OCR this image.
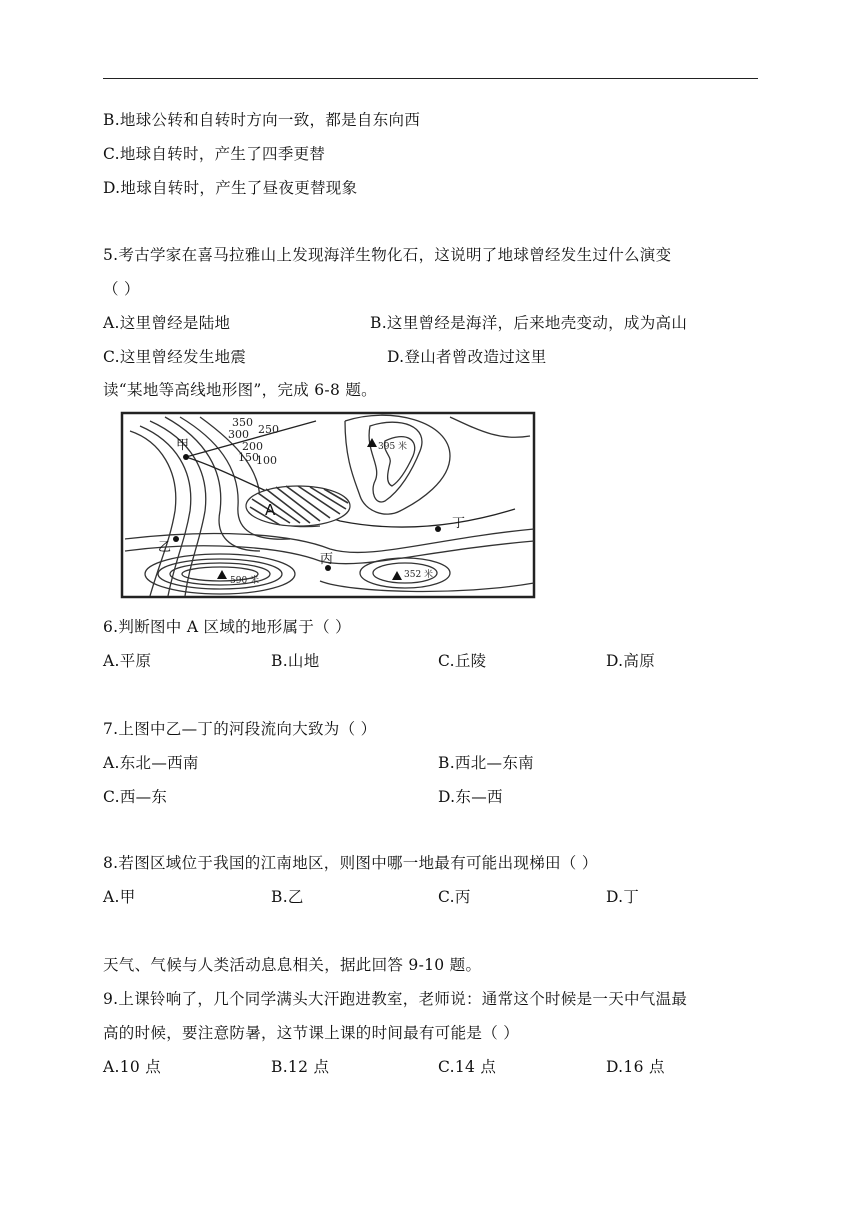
B.地球公转和自转时方向一致，都是自东向西
C.地球自转时，产生了四季更替
D.地球自转时，产生了昼夜更替现象
5.考古学家在喜马拉雅山上发现海洋生物化石，这说明了地球曾经发生过什么演变
（ ）
A.这里曾经是陆地	B.这里曾经是海洋，后来地壳变动，成为高山
C.这里曾经发生地震	D.登山者曾改造过这里
读“某地等高线地形图”，完成 6-8 题。
350
300 250
200
150
100
395 米
590 米
352 米
甲
乙
丙
丁
A
6.判断图中 A 区域的地形属于（ ）
A.平原	B.山地	C.丘陵	D.高原
7.上图中乙—丁的河段流向大致为（ ）
A.东北—西南	B.西北—东南
C.西—东	D.东—西
8.若图区域位于我国的江南地区，则图中哪一地最有可能出现梯田（ ）
A.甲	B.乙	C.丙	D.丁
天气、气候与人类活动息息相关，据此回答 9-10 题。
9.上课铃响了，几个同学满头大汗跑进教室，老师说：通常这个时候是一天中气温最
高的时候，要注意防暑，这节课上课的时间最有可能是（ ）
A.10 点	B.12 点	C.14 点	D.16 点
